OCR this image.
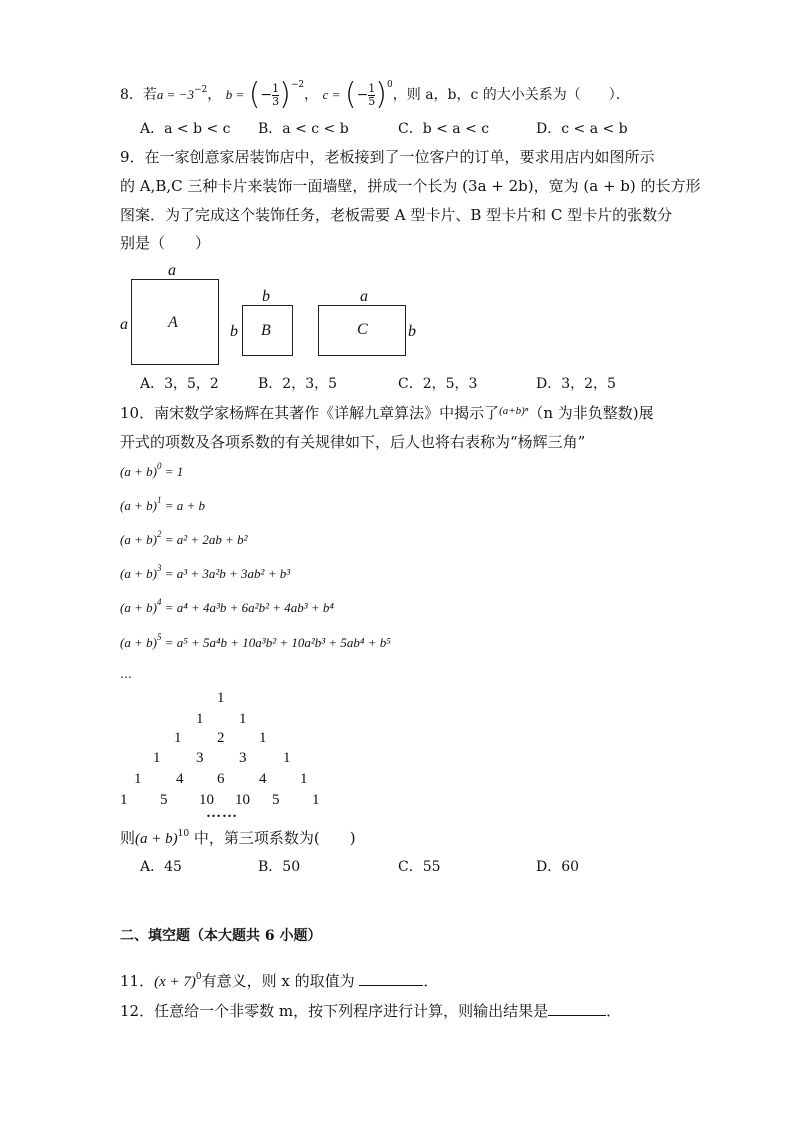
8．若$a = -3^{-2}$， b = (− $\frac{1}{3} )^{-2}$， c = (− $\frac{1}{5} )^0$，则 a，b，c 的大小关系为（　　）．
A．a < b < c B．a < c < b	C．b < a < c	D．c < a < b
9．在一家创意家居装饰店中，老板接到了一位客户的订单，要求用店内如图所示
的 A,B,C 三种卡片来装饰一面墙壁，拼成一个长为 (3a + 2b)，宽为 (a + b) 的长方形
图案．为了完成这个装饰任务，老板需要 A 型卡片、B 型卡片和 C 型卡片的张数分
别是（　　）
a
a	A
b
b B
a
C	b
A．3，5，2	B．2，3，5	C．2，5，3	D．3，2，5
10．南宋数学家杨辉在其著作《详解九章算法》中揭示了$^{(a+b)^n}$（n 为非负整数)展
开式的项数及各项系数的有关规律如下，后人也将右表称为“杨辉三角”
$(a + b)^0 = 1$
$(a + b)^1 = a + b$
$(a + b)^2 = a^2 + 2ab + b^2$
$(a + b)^3 = a^3 + 3a^2b + 3ab^2 + b^3$
$(a + b)^4 = a^4 + 4a^3b + 6a^2b^2 + 4ab^3 + b^4$
$(a + b)^5 = a^5 + 5a^4b + 10a^3b^2 + 10a^2b^3 + 5ab^4 + b^5$
…
1
1 1
1 2 1
1 3 3 1
1 4 6 4 1
1 5 10 10 5 1
……
则$(a + b)^{10}$ 中，第三项系数为(　　)
A．45	B．50	C．55	D．60
二、填空题（本大题共 6 小题）
11．$(x + 7)^0$有意义，则 x 的取值为	．
12．任意给一个非零数 m，按下列程序进行计算，则输出结果是	．
